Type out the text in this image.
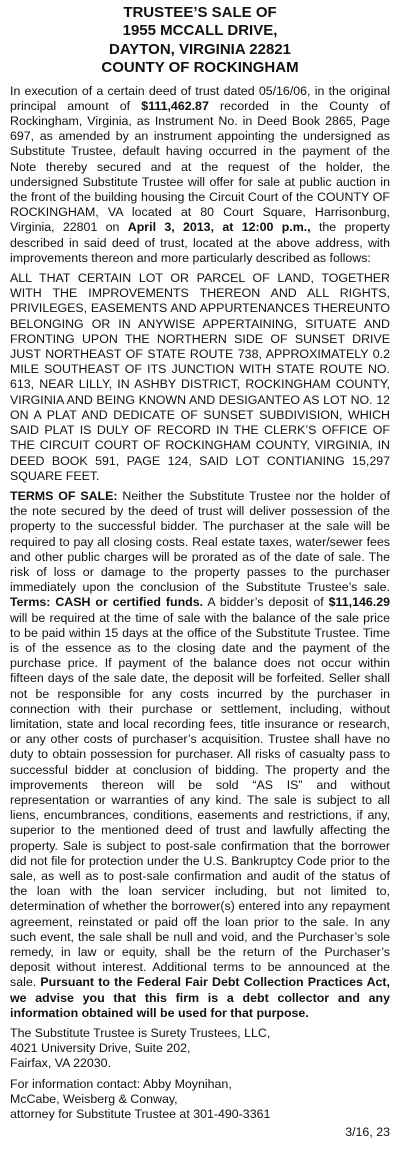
TRUSTEE’S SALE OF
1955 MCCALL DRIVE,
DAYTON, VIRGINIA 22821
COUNTY OF ROCKINGHAM

In execution of a certain deed of trust dated 05/16/06, in the original principal amount of $111,462.87 recorded in the County of Rockingham, Virginia, as Instrument No. in Deed Book 2865, Page 697, as amended by an instrument appointing the undersigned as Substitute Trustee, default having occurred in the payment of the Note thereby secured and at the request of the holder, the undersigned Substitute Trustee will offer for sale at public auction in the front of the building housing the Circuit Court of the COUNTY OF ROCKINGHAM, VA located at 80 Court Square, Harrisonburg, Virginia, 22801 on April 3, 2013, at 12:00 p.m., the property described in said deed of trust, located at the above address, with improvements thereon and more particularly described as follows:

ALL THAT CERTAIN LOT OR PARCEL OF LAND, TOGETHER WITH THE IMPROVEMENTS THEREON AND ALL RIGHTS, PRIVILEGES, EASEMENTS AND APPURTENANCES THEREUNTO BELONGING OR IN ANYWISE APPERTAINING, SITUATE AND FRONTING UPON THE NORTHERN SIDE OF SUNSET DRIVE JUST NORTHEAST OF STATE ROUTE 738, APPROXIMATELY 0.2 MILE SOUTHEAST OF ITS JUNCTION WITH STATE ROUTE NO. 613, NEAR LILLY, IN ASHBY DISTRICT, ROCKINGHAM COUNTY, VIRGINIA AND BEING KNOWN AND DESIGANTEO AS LOT NO. 12 ON A PLAT AND DEDICATE OF SUNSET SUBDIVISION, WHICH SAID PLAT IS DULY OF RECORD IN THE CLERK’S OFFICE OF THE CIRCUIT COURT OF ROCKINGHAM COUNTY, VIRGINIA, IN DEED BOOK 591, PAGE 124, SAID LOT CONTIANING 15,297 SQUARE FEET.

TERMS OF SALE: Neither the Substitute Trustee nor the holder of the note secured by the deed of trust will deliver possession of the property to the successful bidder. The purchaser at the sale will be required to pay all closing costs. Real estate taxes, water/sewer fees and other public charges will be prorated as of the date of sale. The risk of loss or damage to the property passes to the purchaser immediately upon the conclusion of the Substitute Trustee’s sale. Terms: CASH or certified funds. A bidder’s deposit of $11,146.29 will be required at the time of sale with the balance of the sale price to be paid within 15 days at the office of the Substitute Trustee. Time is of the essence as to the closing date and the payment of the purchase price. If payment of the balance does not occur within fifteen days of the sale date, the deposit will be forfeited. Seller shall not be responsible for any costs incurred by the purchaser in connection with their purchase or settlement, including, without limitation, state and local recording fees, title insurance or research, or any other costs of purchaser’s acquisition. Trustee shall have no duty to obtain possession for purchaser. All risks of casualty pass to successful bidder at conclusion of bidding. The property and the improvements thereon will be sold “AS IS” and without representation or warranties of any kind. The sale is subject to all liens, encumbrances, conditions, easements and restrictions, if any, superior to the mentioned deed of trust and lawfully affecting the property. Sale is subject to post-sale confirmation that the borrower did not file for protection under the U.S. Bankruptcy Code prior to the sale, as well as to post-sale confirmation and audit of the status of the loan with the loan servicer including, but not limited to, determination of whether the borrower(s) entered into any repayment agreement, reinstated or paid off the loan prior to the sale. In any such event, the sale shall be null and void, and the Purchaser’s sole remedy, in law or equity, shall be the return of the Purchaser’s deposit without interest. Additional terms to be announced at the sale. Pursuant to the Federal Fair Debt Collection Practices Act, we advise you that this firm is a debt collector and any information obtained will be used for that purpose.

The Substitute Trustee is Surety Trustees, LLC,
4021 University Drive, Suite 202,
Fairfax, VA 22030.

For information contact: Abby Moynihan,
McCabe, Weisberg & Conway,
attorney for Substitute Trustee at 301-490-3361

3/16, 23
